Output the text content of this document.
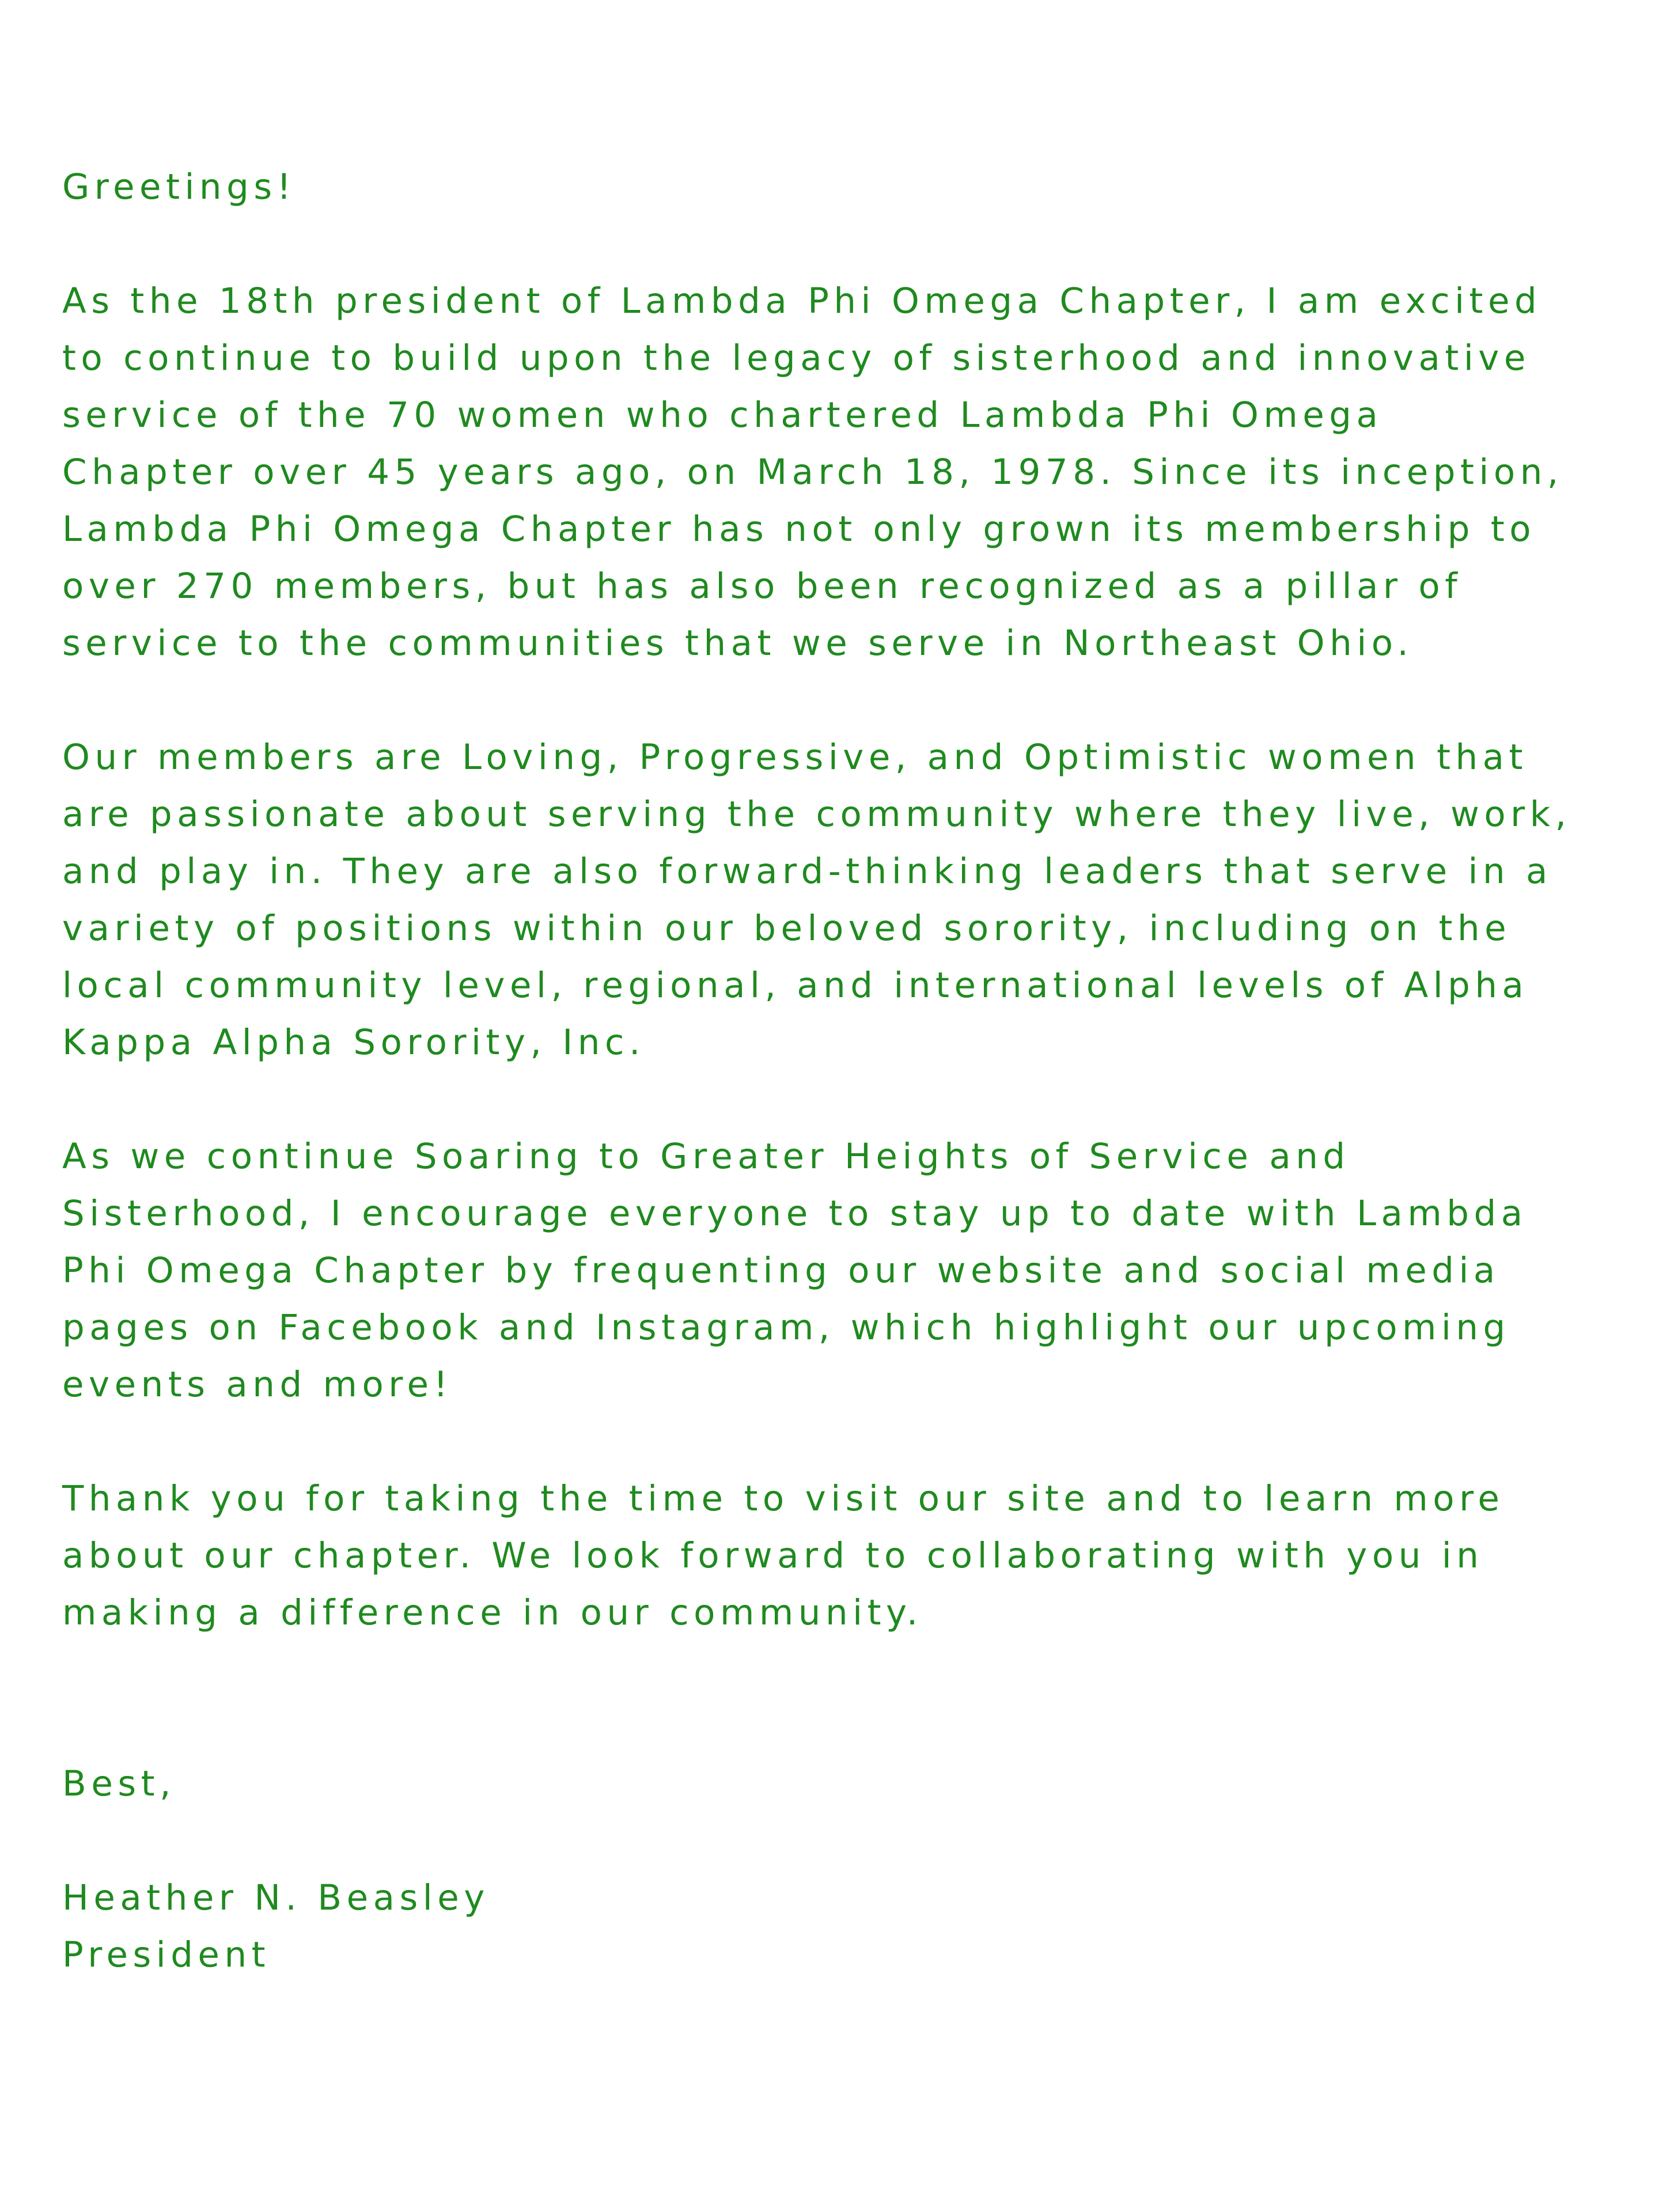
Greetings!

As the 18th president of Lambda Phi Omega Chapter, I am excited

to continue to build upon the legacy of sisterhood and innovative

service of the 70 women who chartered Lambda Phi Omega

Chapter over 45 years ago, on March 18, 1978. Since its inception,

Lambda Phi Omega Chapter has not only grown its membership to

over 270 members, but has also been recognized as a pillar of

service to the communities that we serve in Northeast Ohio.

Our members are Loving, Progressive, and Optimistic women that

are passionate about serving the community where they live, work,

and play in. They are also forward-thinking leaders that serve in a

variety of positions within our beloved sorority, including on the

local community level, regional, and international levels of Alpha

Kappa Alpha Sorority, Inc.

As we continue Soaring to Greater Heights of Service and

Sisterhood, I encourage everyone to stay up to date with Lambda

Phi Omega Chapter by frequenting our website and social media

pages on Facebook and Instagram, which highlight our upcoming

events and more!

Thank you for taking the time to visit our site and to learn more

about our chapter. We look forward to collaborating with you in

making a difference in our community.

Best,

Heather N. Beasley

President
